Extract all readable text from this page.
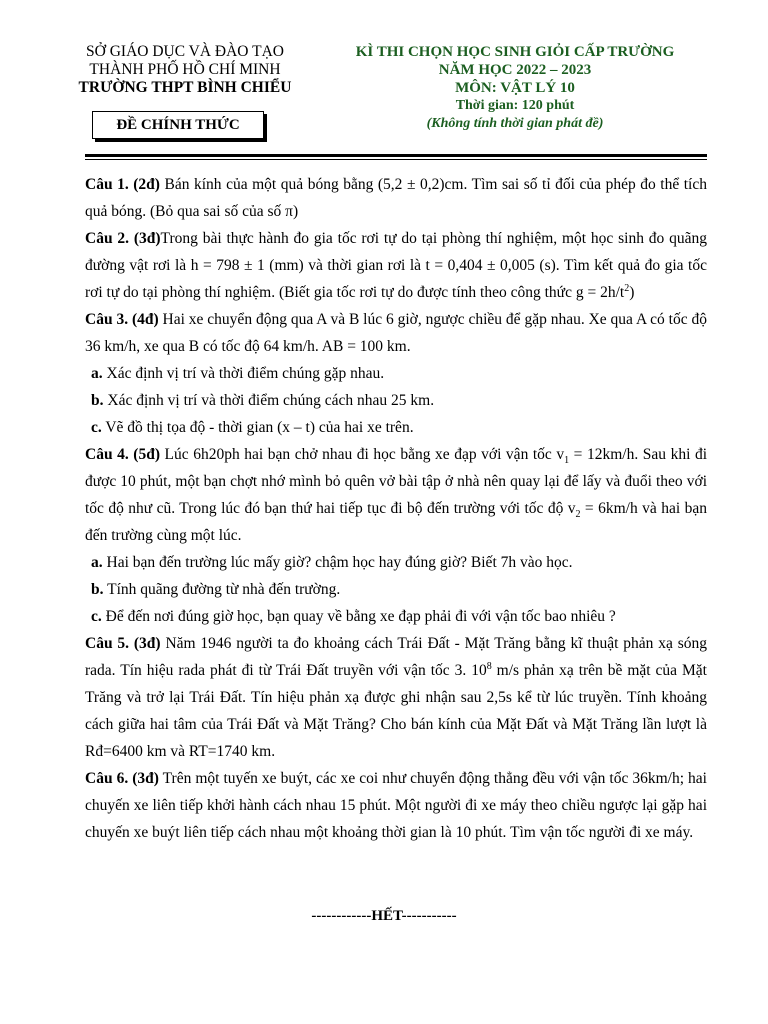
SỞ GIÁO DỤC VÀ ĐÀO TẠO
THÀNH PHỐ HỒ CHÍ MINH
TRƯỜNG THPT BÌNH CHIỂU
ĐỀ CHÍNH THỨC
KÌ THI CHỌN HỌC SINH GIỎI CẤP TRƯỜNG
NĂM HỌC 2022 – 2023
MÔN: VẬT LÝ 10
Thời gian: 120 phút
(Không tính thời gian phát đề)

Câu 1. (2đ) Bán kính của một quả bóng bằng (5,2 ± 0,2)cm. Tìm sai số tỉ đối của phép đo thể tích quả bóng. (Bỏ qua sai số của số π)

Câu 2. (3đ)Trong bài thực hành đo gia tốc rơi tự do tại phòng thí nghiệm, một học sinh đo quãng đường vật rơi là h = 798 ± 1 (mm) và thời gian rơi là t = 0,404 ± 0,005 (s). Tìm kết quả đo gia tốc rơi tự do tại phòng thí nghiệm. (Biết gia tốc rơi tự do được tính theo công thức $g = 2h/t^2$)

Câu 3. (4đ) Hai xe chuyển động qua A và B lúc 6 giờ, ngược chiều để gặp nhau. Xe qua A có tốc độ 36 km/h, xe qua B có tốc độ 64 km/h. AB = 100 km.

a. Xác định vị trí và thời điểm chúng gặp nhau.

b. Xác định vị trí và thời điểm chúng cách nhau 25 km.

c. Vẽ đồ thị tọa độ - thời gian (x – t) của hai xe trên.

Câu 4. (5đ) Lúc 6h20ph hai bạn chở nhau đi học bằng xe đạp với vận tốc $v_1 = 12km/h$. Sau khi đi được 10 phút, một bạn chợt nhớ mình bỏ quên vở bài tập ở nhà nên quay lại để lấy và đuổi theo với tốc độ như cũ. Trong lúc đó bạn thứ hai tiếp tục đi bộ đến trường với tốc độ $v_2 = 6km/h$ và hai bạn đến trường cùng một lúc.

a. Hai bạn đến trường lúc mấy giờ? chậm học hay đúng giờ? Biết 7h vào học.

b. Tính quãng đường từ nhà đến trường.

c. Để đến nơi đúng giờ học, bạn quay về bằng xe đạp phải đi với vận tốc bao nhiêu ?

Câu 5. (3đ) Năm 1946 người ta đo khoảng cách Trái Đất - Mặt Trăng bằng kĩ thuật phản xạ sóng rada. Tín hiệu rada phát đi từ Trái Đất truyền với vận tốc 3. $10^8$ m/s phản xạ trên bề mặt của Mặt Trăng và trở lại Trái Đất. Tín hiệu phản xạ được ghi nhận sau 2,5s kể từ lúc truyền. Tính khoảng cách giữa hai tâm của Trái Đất và Mặt Trăng? Cho bán kính của Mặt Đất và Mặt Trăng lần lượt là Rđ=6400 km và RT=1740 km.

Câu 6. (3đ) Trên một tuyến xe buýt, các xe coi như chuyển động thẳng đều với vận tốc 36km/h; hai chuyến xe liên tiếp khởi hành cách nhau 15 phút. Một người đi xe máy theo chiều ngược lại gặp hai chuyến xe buýt liên tiếp cách nhau một khoảng thời gian là 10 phút. Tìm vận tốc người đi xe máy.

------------HẾT-----------
